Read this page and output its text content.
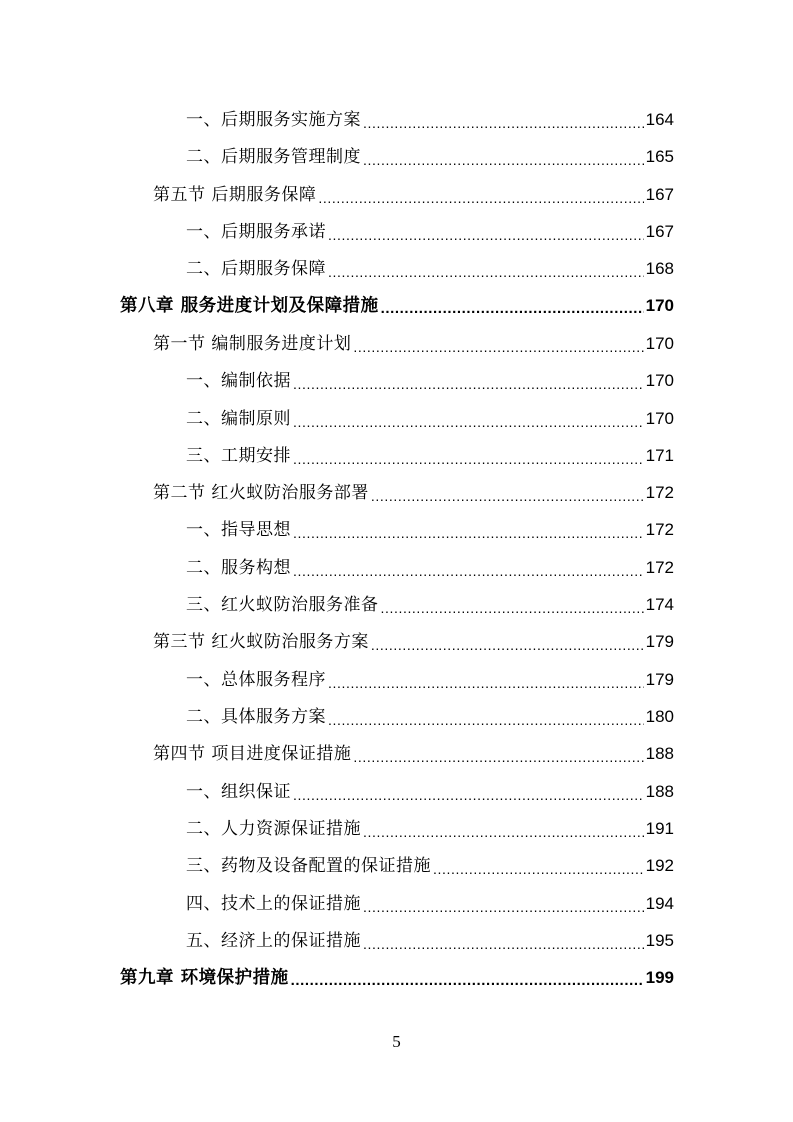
一、后期服务实施方案 .....	164
二、后期服务管理制度 .....	165
第五节 后期服务保障 .....	167
一、后期服务承诺 .....	167
二、后期服务保障 .....	168
第八章 服务进度计划及保障措施 .....	170
第一节 编制服务进度计划 .....	170
一、编制依据 .....	170
二、编制原则 .....	170
三、工期安排 .....	171
第二节 红火蚁防治服务部署 .....	172
一、指导思想 .....	172
二、服务构想 .....	172
三、红火蚁防治服务准备 .....	174
第三节 红火蚁防治服务方案 .....	179
一、总体服务程序 .....	179
二、具体服务方案 .....	180
第四节 项目进度保证措施 .....	188
一、组织保证 .....	188
二、人力资源保证措施 .....	191
三、药物及设备配置的保证措施 .....	192
四、技术上的保证措施 .....	194
五、经济上的保证措施 .....	195
第九章 环境保护措施 .....	199
5
